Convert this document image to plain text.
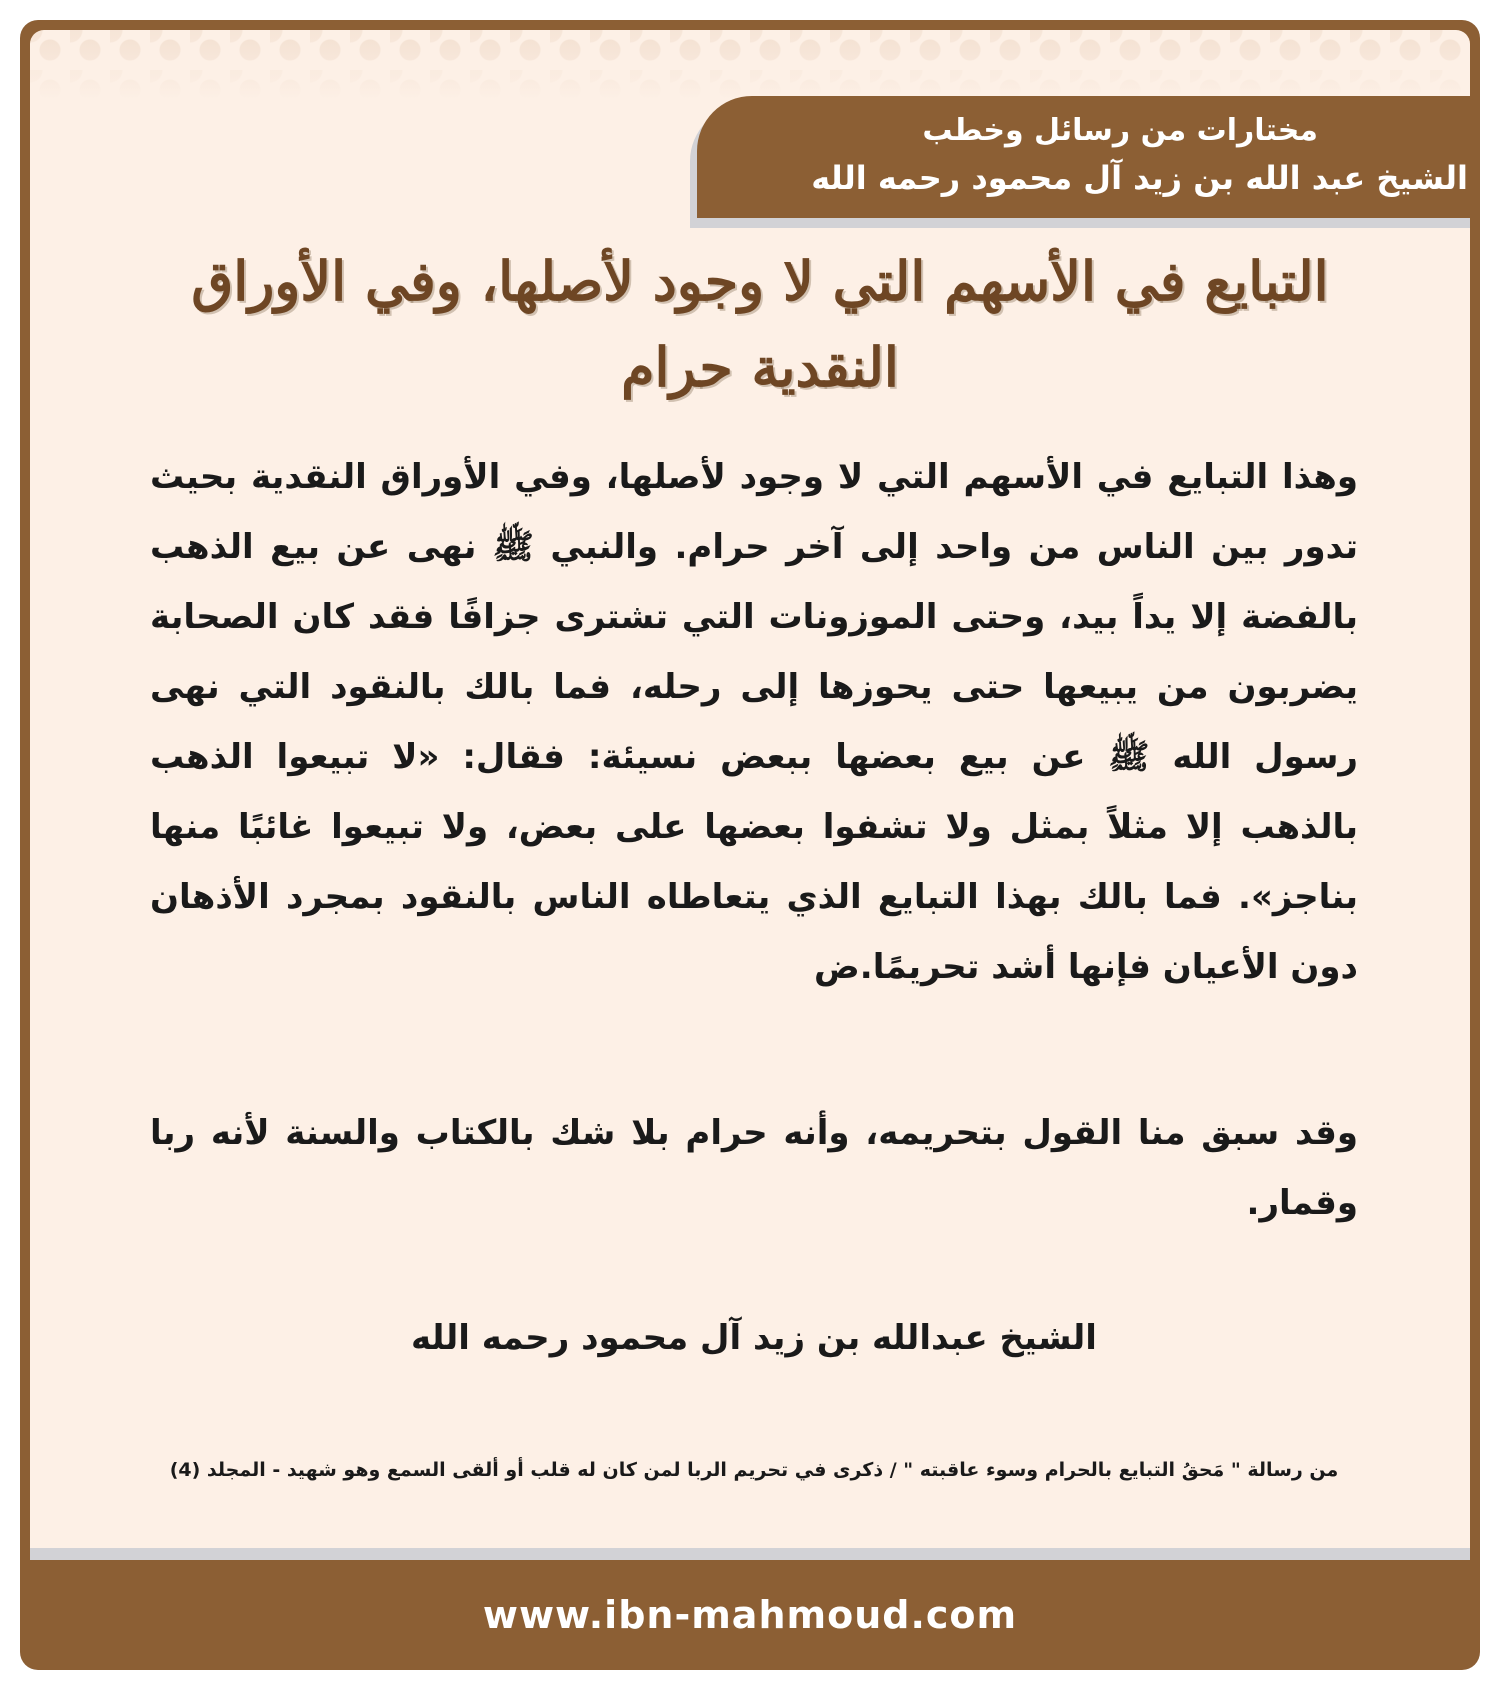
مختارات من رسائل وخطب
الشيخ عبد الله بن زيد آل محمود رحمه الله
التبايع في الأسهم التي لا وجود لأصلها، وفي الأوراق النقدية حرام
وهذا التبايع في الأسهم التي لا وجود لأصلها، وفي الأوراق النقدية بحيث تدور بين الناس من واحد إلى آخر حرام. والنبي ﷺ نهى عن بيع الذهب بالفضة إلا يداً بيد، وحتى الموزونات التي تشترى جزافًا فقد كان الصحابة يضربون من يبيعها حتى يحوزها إلى رحله، فما بالك بالنقود التي نهى رسول الله ﷺ عن بيع بعضها ببعض نسيئة: فقال: «لا تبيعوا الذهب بالذهب إلا مثلاً بمثل ولا تشفوا بعضها على بعض، ولا تبيعوا غائبًا منها بناجز». فما بالك بهذا التبايع الذي يتعاطاه الناس بالنقود بمجرد الأذهان دون الأعيان فإنها أشد تحريمًا.ض
وقد سبق منا القول بتحريمه، وأنه حرام بلا شك بالكتاب والسنة لأنه ربا وقمار.
الشيخ عبدالله بن زيد آل محمود رحمه الله
من رسالة " مَحقُ التبايع بالحرام وسوء عاقبته " / ذكرى في تحريم الربا لمن كان له قلب أو ألقى السمع وهو شهيد - المجلد (4)
www.ibn-mahmoud.com
